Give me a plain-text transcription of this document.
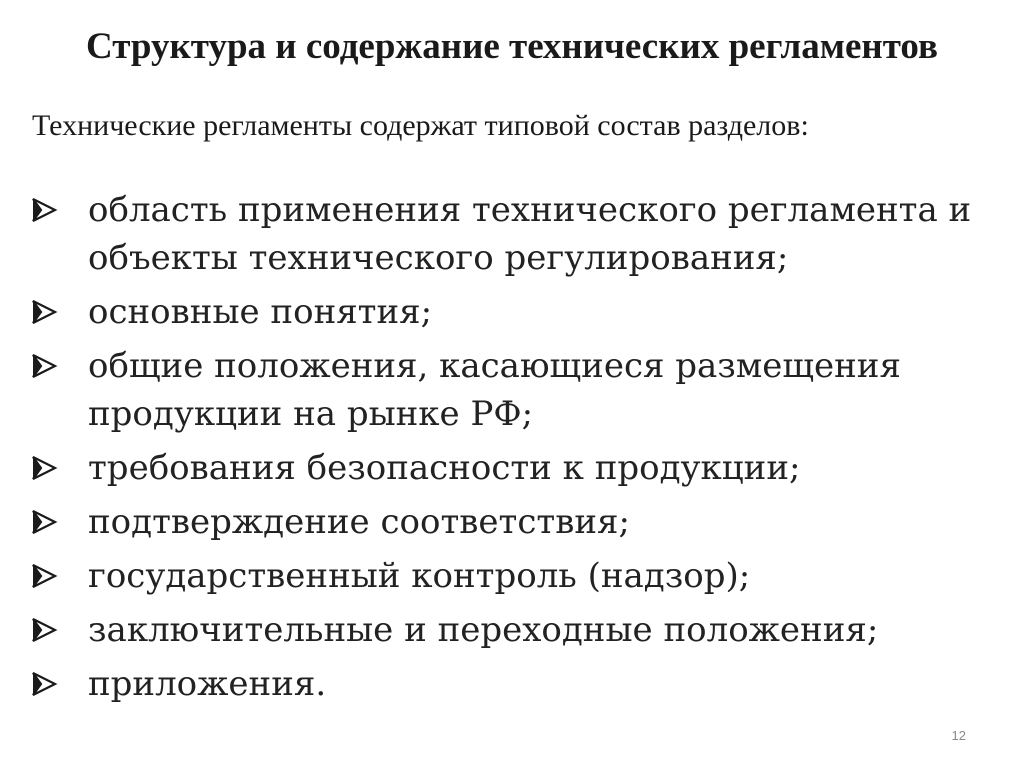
Структура и содержание технических регламентов
Технические регламенты содержат типовой состав разделов:
область применения технического регламента и объекты технического регулирования;
основные понятия;
общие положения, касающиеся размещения продукции на рынке РФ;
требования безопасности к продукции;
подтверждение соответствия;
государственный контроль (надзор);
заключительные и переходные положения;
приложения.
12
